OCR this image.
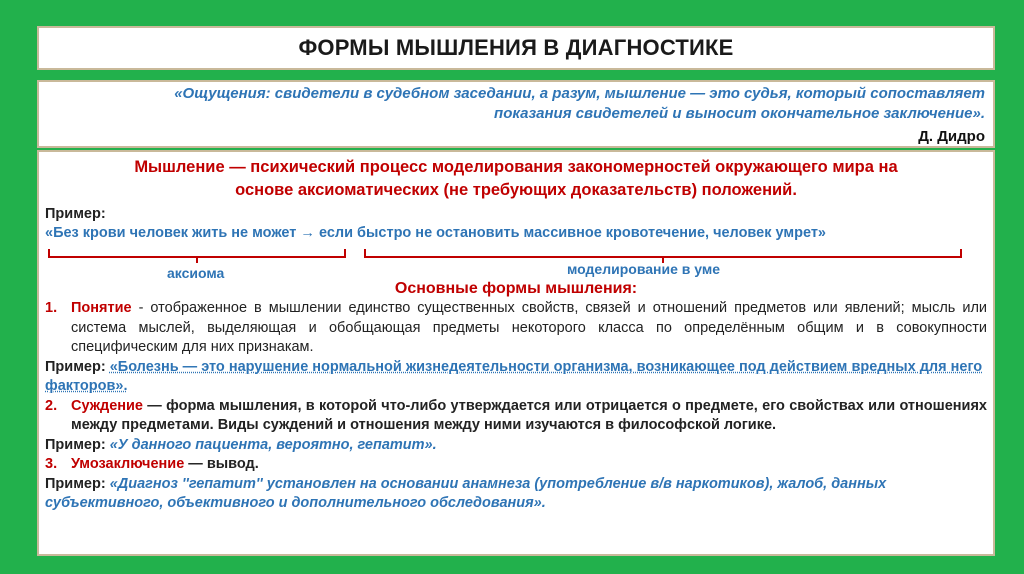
ФОРМЫ МЫШЛЕНИЯ В ДИАГНОСТИКЕ
«Ощущения: свидетели в судебном заседании, а разум, мышление — это судья, который сопоставляет
показания свидетелей и выносит окончательное заключение».
Д. Дидро
Мышление — психический процесс моделирования закономерностей окружающего мира на
основе аксиоматических (не требующих доказательств) положений.
Пример:
«Без крови человек жить не может → если быстро не остановить массивное кровотечение, человек умрет»
аксиома	моделирование в уме
Основные формы мышления:
1. Понятие - отображенное в мышлении единство существенных свойств, связей и отношений предметов или явлений; мысль или система мыслей, выделяющая и обобщающая предметы некоторого класса по определённым общим и в совокупности специфическим для них признакам.
Пример: «Болезнь — это нарушение нормальной жизнедеятельности организма, возникающее под действием вредных для него факторов».
2. Суждение — форма мышления, в которой что-либо утверждается или отрицается о предмете, его свойствах или отношениях между предметами. Виды суждений и отношения между ними изучаются в философской логике.
Пример: «У данного пациента, вероятно, гепатит».
3. Умозаключение — вывод.
Пример: «Диагноз ''гепатит'' установлен на основании анамнеза (употребление в/в наркотиков), жалоб, данных субъективного, объективного и дополнительного обследования».
